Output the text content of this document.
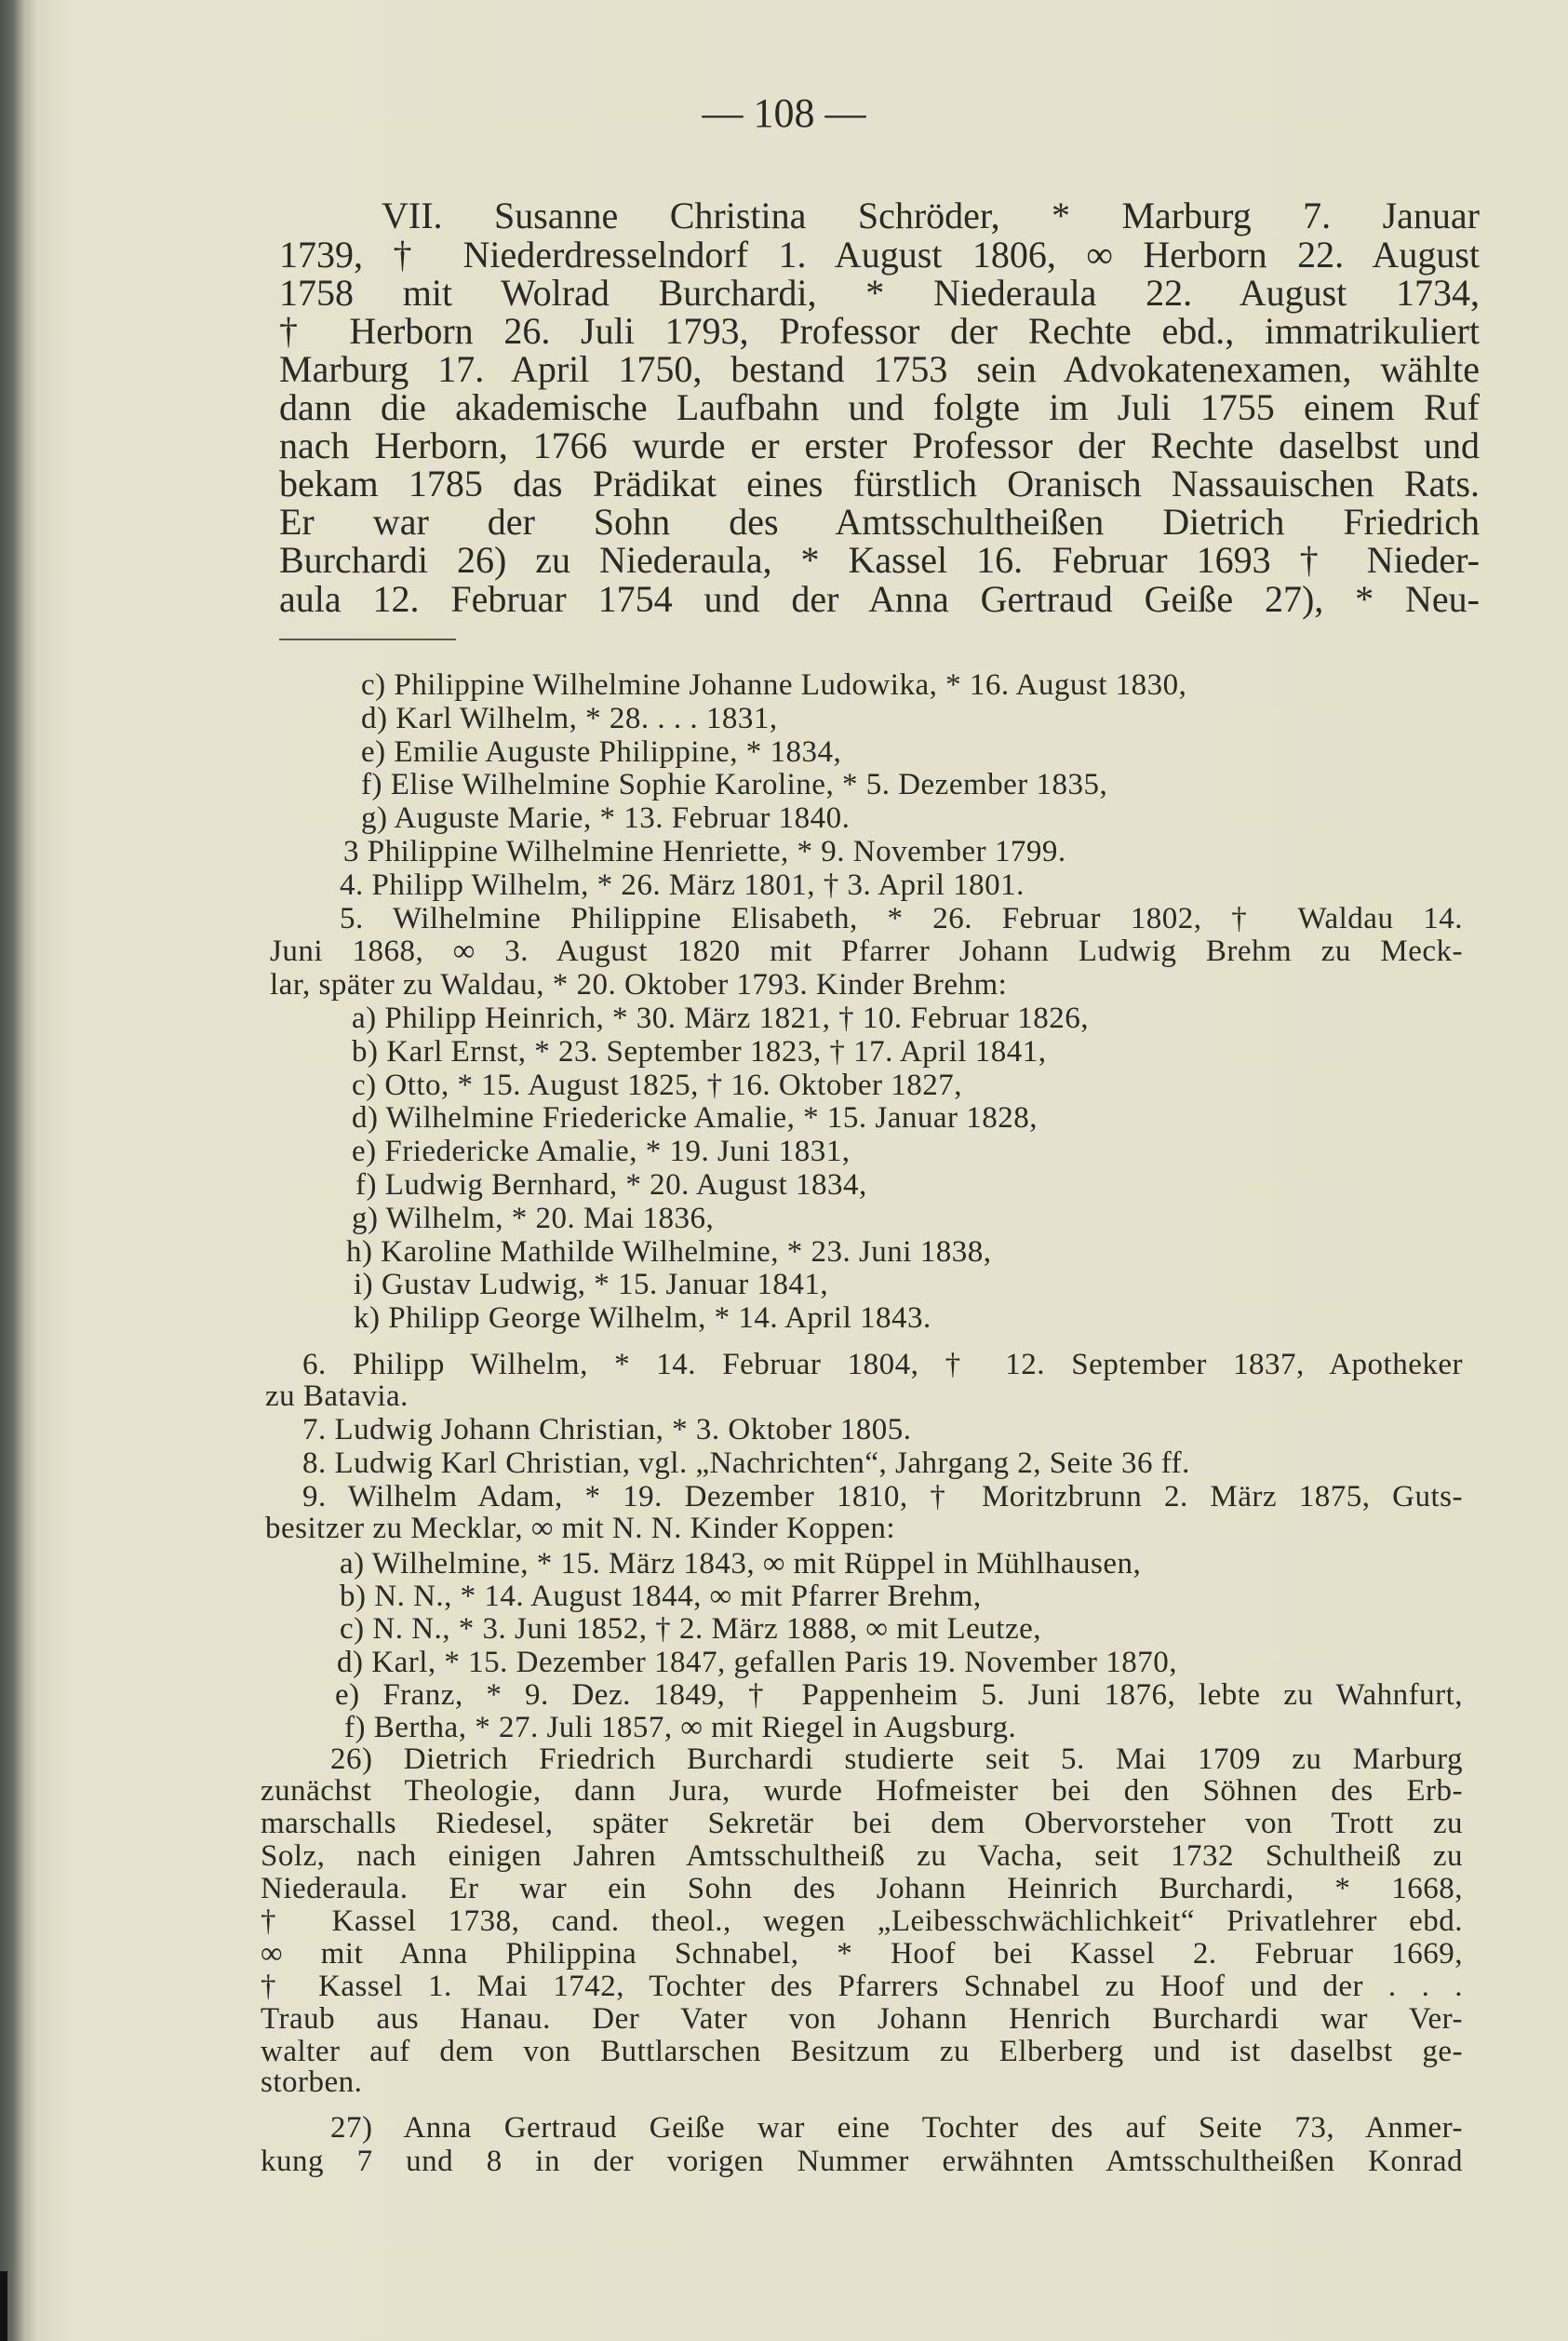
— 108 —
VII. Susanne Christina Schröder, * Marburg 7. Januar
1739, † Niederdresselndorf 1. August 1806, ∞ Herborn 22. August
1758 mit Wolrad Burchardi, * Niederaula 22. August 1734,
† Herborn 26. Juli 1793, Professor der Rechte ebd., immatrikuliert
Marburg 17. April 1750, bestand 1753 sein Advokatenexamen, wählte
dann die akademische Laufbahn und folgte im Juli 1755 einem Ruf
nach Herborn, 1766 wurde er erster Professor der Rechte daselbst und
bekam 1785 das Prädikat eines fürstlich Oranisch Nassauischen Rats.
Er war der Sohn des Amtsschultheißen Dietrich Friedrich
Burchardi 26) zu Niederaula, * Kassel 16. Februar 1693 † Nieder-
aula 12. Februar 1754 und der Anna Gertraud Geiße 27), * Neu-
c) Philippine Wilhelmine Johanne Ludowika, * 16. August 1830,
d) Karl Wilhelm, * 28. . . . 1831,
e) Emilie Auguste Philippine, * 1834,
f) Elise Wilhelmine Sophie Karoline, * 5. Dezember 1835,
g) Auguste Marie, * 13. Februar 1840.
3 Philippine Wilhelmine Henriette, * 9. November 1799.
4. Philipp Wilhelm, * 26. März 1801, † 3. April 1801.
5. Wilhelmine Philippine Elisabeth, * 26. Februar 1802, † Waldau 14.
Juni 1868, ∞ 3. August 1820 mit Pfarrer Johann Ludwig Brehm zu Meck-
lar, später zu Waldau, * 20. Oktober 1793. Kinder Brehm:
a) Philipp Heinrich, * 30. März 1821, † 10. Februar 1826,
b) Karl Ernst, * 23. September 1823, † 17. April 1841,
c) Otto, * 15. August 1825, † 16. Oktober 1827,
d) Wilhelmine Friedericke Amalie, * 15. Januar 1828,
e) Friedericke Amalie, * 19. Juni 1831,
f) Ludwig Bernhard, * 20. August 1834,
g) Wilhelm, * 20. Mai 1836,
h) Karoline Mathilde Wilhelmine, * 23. Juni 1838,
i) Gustav Ludwig, * 15. Januar 1841,
k) Philipp George Wilhelm, * 14. April 1843.
6. Philipp Wilhelm, * 14. Februar 1804, † 12. September 1837, Apotheker
zu Batavia.
7. Ludwig Johann Christian, * 3. Oktober 1805.
8. Ludwig Karl Christian, vgl. „Nachrichten“, Jahrgang 2, Seite 36 ff.
9. Wilhelm Adam, * 19. Dezember 1810, † Moritzbrunn 2. März 1875, Guts-
besitzer zu Mecklar, ∞ mit N. N. Kinder Koppen:
a) Wilhelmine, * 15. März 1843, ∞ mit Rüppel in Mühlhausen,
b) N. N., * 14. August 1844, ∞ mit Pfarrer Brehm,
c) N. N., * 3. Juni 1852, † 2. März 1888, ∞ mit Leutze,
d) Karl, * 15. Dezember 1847, gefallen Paris 19. November 1870,
e) Franz, * 9. Dez. 1849, † Pappenheim 5. Juni 1876, lebte zu Wahnfurt,
f) Bertha, * 27. Juli 1857, ∞ mit Riegel in Augsburg.
26) Dietrich Friedrich Burchardi studierte seit 5. Mai 1709 zu Marburg
zunächst Theologie, dann Jura, wurde Hofmeister bei den Söhnen des Erb-
marschalls Riedesel, später Sekretär bei dem Obervorsteher von Trott zu
Solz, nach einigen Jahren Amtsschultheiß zu Vacha, seit 1732 Schultheiß zu
Niederaula. Er war ein Sohn des Johann Heinrich Burchardi, * 1668,
† Kassel 1738, cand. theol., wegen „Leibesschwächlichkeit“ Privatlehrer ebd.
∞ mit Anna Philippina Schnabel, * Hoof bei Kassel 2. Februar 1669,
† Kassel 1. Mai 1742, Tochter des Pfarrers Schnabel zu Hoof und der . . .
Traub aus Hanau. Der Vater von Johann Henrich Burchardi war Ver-
walter auf dem von Buttlarschen Besitzum zu Elberberg und ist daselbst ge-
storben.
27) Anna Gertraud Geiße war eine Tochter des auf Seite 73, Anmer-
kung 7 und 8 in der vorigen Nummer erwähnten Amtsschultheißen Konrad
